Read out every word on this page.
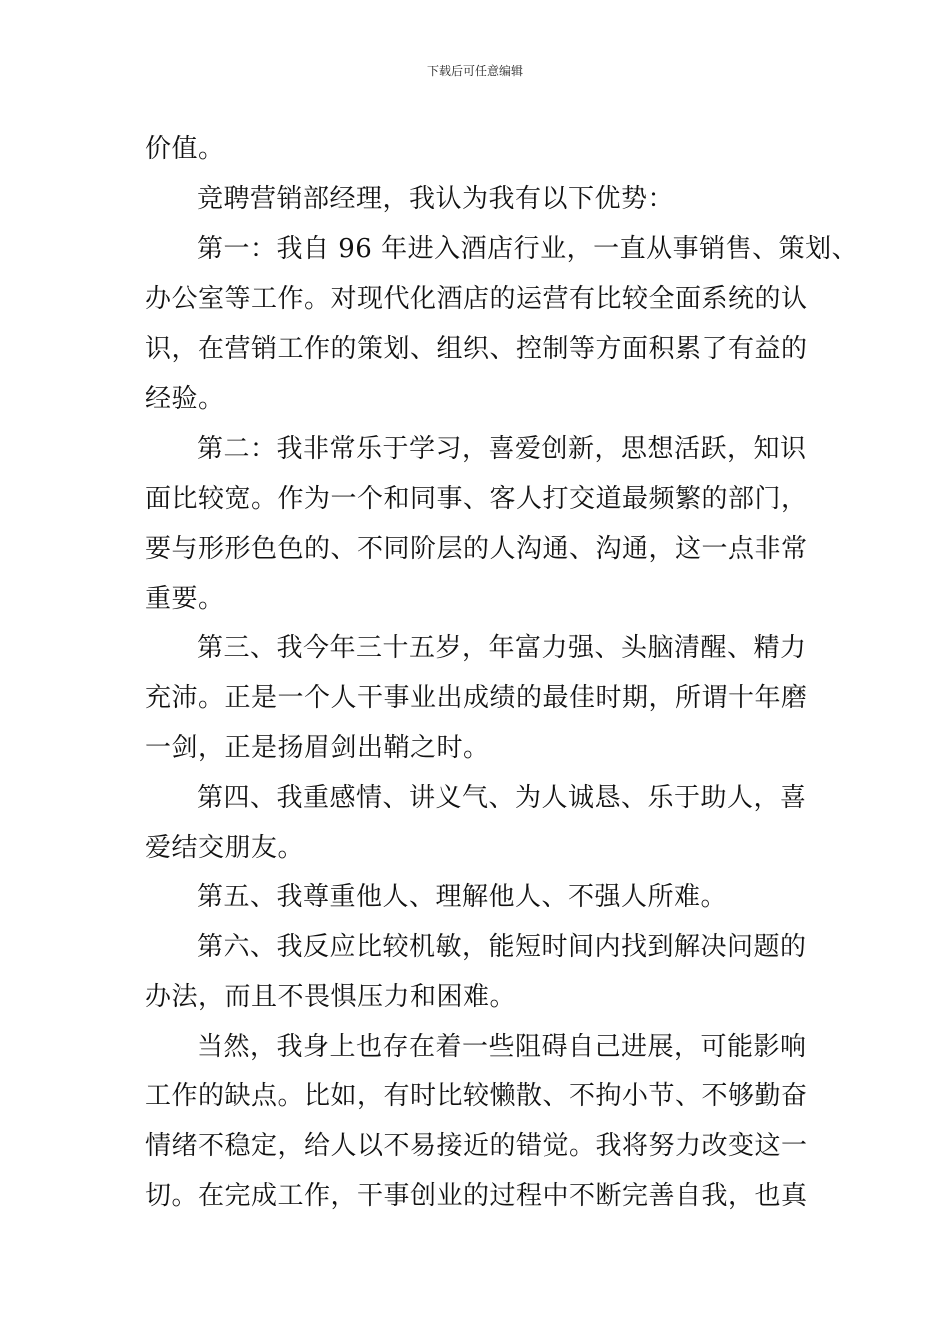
下载后可任意编辑
价值。
竞聘营销部经理，我认为我有以下优势：
第一：我自 96 年进入酒店行业，一直从事销售、策划、
办公室等工作。对现代化酒店的运营有比较全面系统的认
识，在营销工作的策划、组织、控制等方面积累了有益的
经验。
第二：我非常乐于学习，喜爱创新，思想活跃，知识
面比较宽。作为一个和同事、客人打交道最频繁的部门，
要与形形色色的、不同阶层的人沟通、沟通，这一点非常
重要。
第三、我今年三十五岁，年富力强、头脑清醒、精力
充沛。正是一个人干事业出成绩的最佳时期，所谓十年磨
一剑，正是扬眉剑出鞘之时。
第四、我重感情、讲义气、为人诚恳、乐于助人，喜
爱结交朋友。
第五、我尊重他人、理解他人、不强人所难。
第六、我反应比较机敏，能短时间内找到解决问题的
办法，而且不畏惧压力和困难。
当然，我身上也存在着一些阻碍自己进展，可能影响
工作的缺点。比如，有时比较懒散、不拘小节、不够勤奋
情绪不稳定，给人以不易接近的错觉。我将努力改变这一
切。在完成工作，干事创业的过程中不断完善自我，也真
